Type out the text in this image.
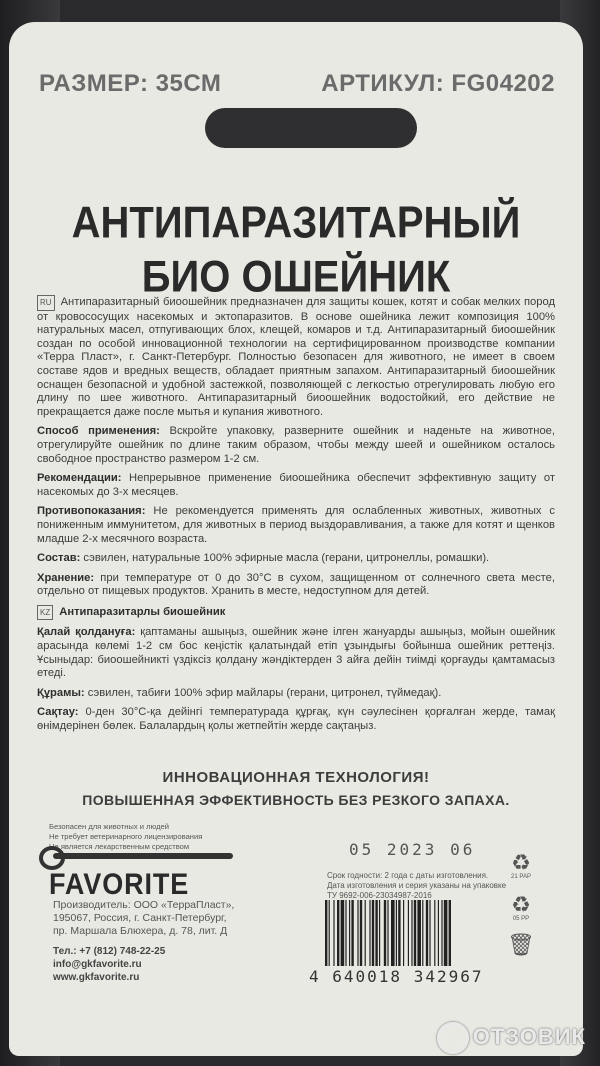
РАЗМЕР: 35СМ	АРТИКУЛ: FG04202
АНТИПАРАЗИТАРНЫЙ
БИО ОШЕЙНИК

RU Антипаразитарный биоошейник предназначен для защиты кошек, котят и собак мелких пород от кровососущих насекомых и эктопаразитов. В основе ошейника лежит композиция 100% натуральных масел, отпугивающих блох, клещей, комаров и т.д. Антипаразитарный биоошейник создан по особой инновационной технологии на сертифицированном производстве компании «Терра Пласт», г. Санкт-Петербург. Полностью безопасен для животного, не имеет в своем составе ядов и вредных веществ, обладает приятным запахом. Антипаразитарный биоошейник оснащен безопасной и удобной застежкой, позволяющей с легкостью отрегулировать любую его длину по шее животного. Антипаразитарный биоошейник водостойкий, его действие не прекращается даже после мытья и купания животного.

Способ применения: Вскройте упаковку, разверните ошейник и наденьте на животное, отрегулируйте ошейник по длине таким образом, чтобы между шеей и ошейником осталось свободное пространство размером 1-2 см.

Рекомендации: Непрерывное применение биоошейника обеспечит эффективную защиту от насекомых до 3-х месяцев.

Противопоказания: Не рекомендуется применять для ослабленных животных, животных с пониженным иммунитетом, для животных в период выздоравливания, а также для котят и щенков младше 2-х месячного возраста.

Состав: сэвилен, натуральные 100% эфирные масла (герани, цитронеллы, ромашки).

Хранение: при температуре от 0 до 30°С в сухом, защищенном от солнечного света месте, отдельно от пищевых продуктов. Хранить в месте, недоступном для детей.

KZ Антипаразитарлы биошейник

Қалай қолдануға: қаптаманы ашыңыз, ошейник және ілген жануарды ашыңыз, мойын ошейник арасында көлемі 1-2 см бос кеңістік қалатындай етіп ұзындығы бойынша ошейник реттеңіз. Ұсыныдар: биоошейникті үздіксіз қолдану жәндіктерден 3 айға дейін тиімді қорғауды қамтамасыз етеді.

Құрамы: сэвилен, табиғи 100% эфир майлары (герани, цитронел, түймедақ).

Сақтау: 0-ден 30°С-қа дейінгі температурада құрғақ, күн сәулесінен қорғалған жерде, тамақ өнімдерінен бөлек. Балалардың қолы жетпейтін жерде сақтаңыз.

ИННОВАЦИОННАЯ ТЕХНОЛОГИЯ!
ПОВЫШЕННАЯ ЭФФЕКТИВНОСТЬ БЕЗ РЕЗКОГО ЗАПАХА.
Безопасен для животных и людей
Не требует ветеринарного лицензирования
Не является лекарственным средством	05 2023 06
FAVORITE
Производитель: ООО «ТерраПласт»,
195067, Россия, г. Санкт-Петербург,
пр. Маршала Блюхера, д. 78, лит. Д
Тел.: +7 (812) 748-22-25
info@gkfavorite.ru
www.gkfavorite.ru
Срок годности: 2 года с даты изготовления.
Дата изготовления и серия указаны на упаковке
ТУ 9692-006-23034987-2016
♻
21 PAP
♻
05 PP
🗑
4 640018 342967
ОТЗОВИК
